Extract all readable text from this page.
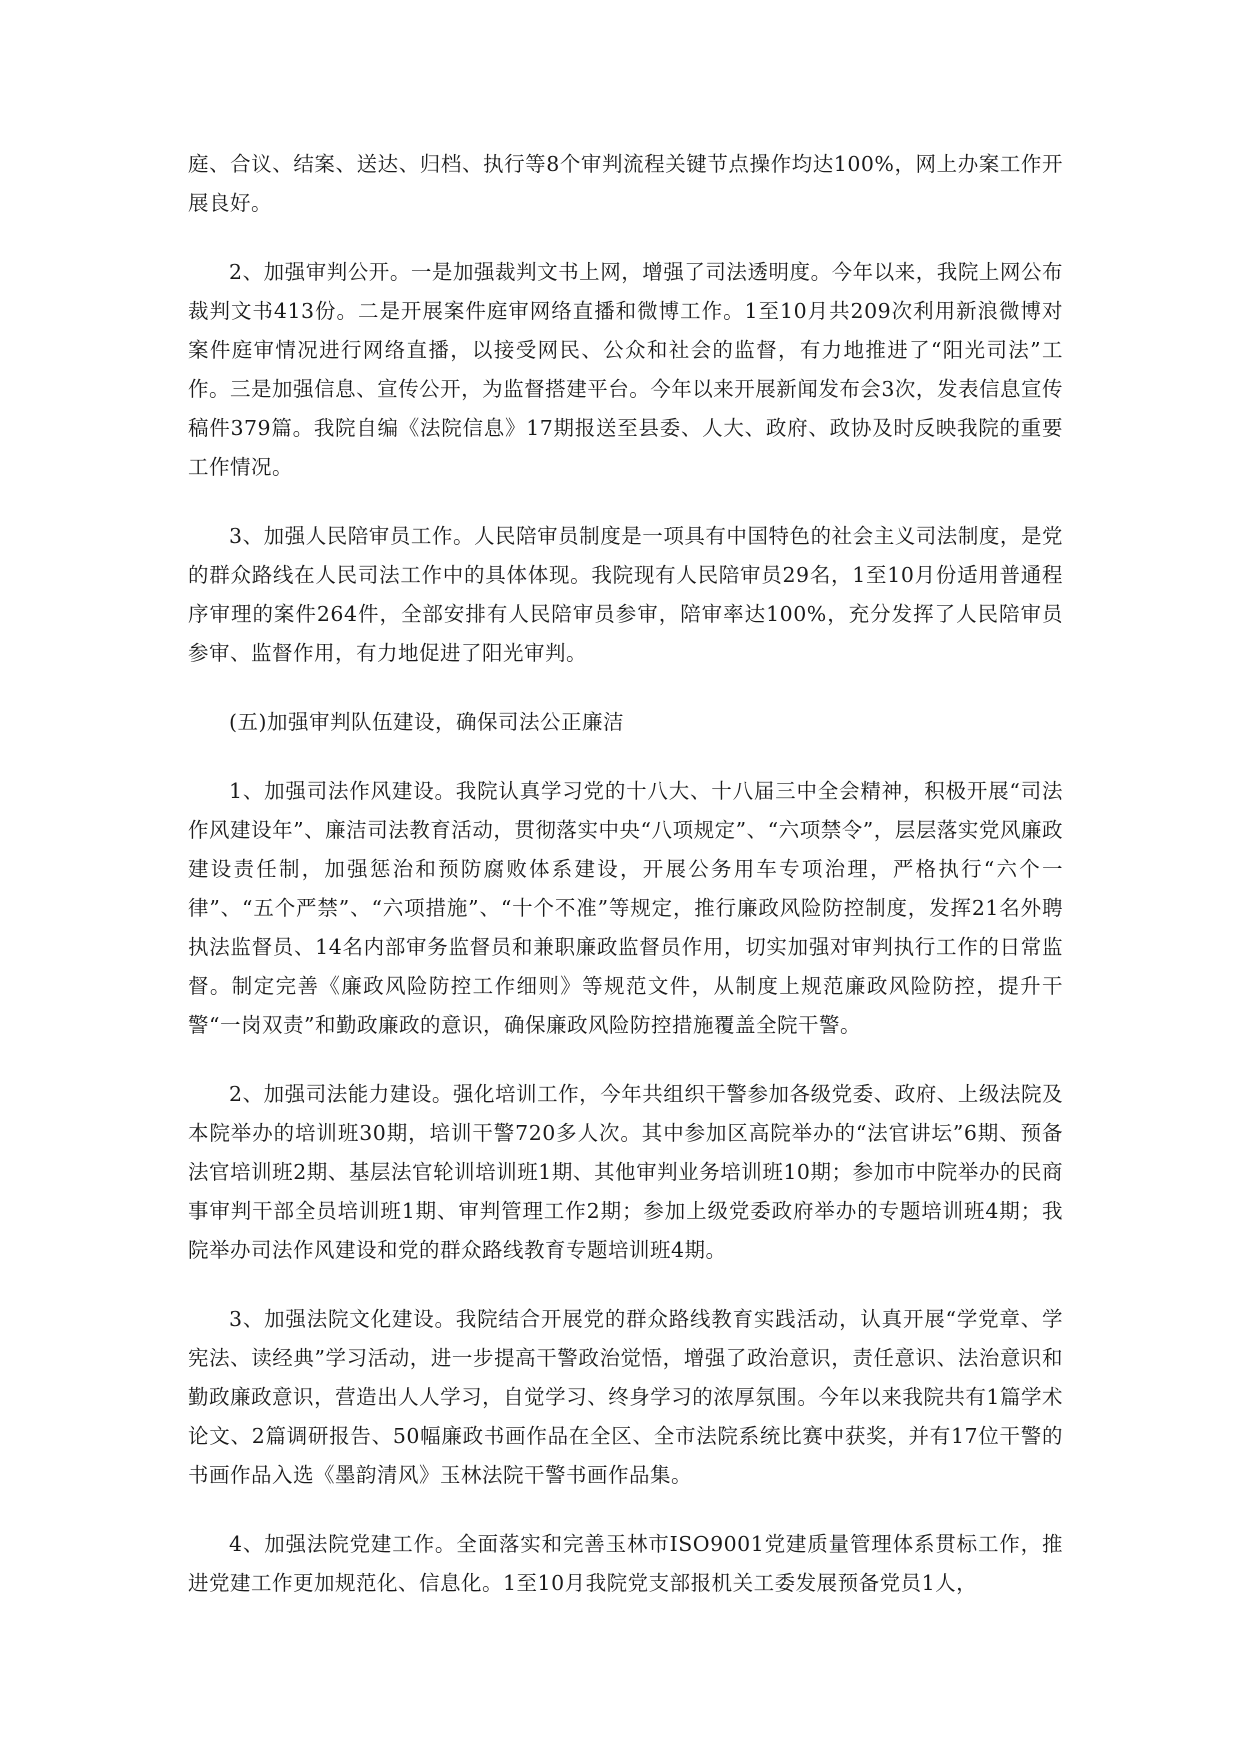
庭、合议、结案、送达、归档、执行等8个审判流程关键节点操作均达100%，网上办案工作开展良好。

2、加强审判公开。一是加强裁判文书上网，增强了司法透明度。今年以来，我院上网公布裁判文书413份。二是开展案件庭审网络直播和微博工作。1至10月共209次利用新浪微博对案件庭审情况进行网络直播，以接受网民、公众和社会的监督，有力地推进了“阳光司法”工作。三是加强信息、宣传公开，为监督搭建平台。今年以来开展新闻发布会3次，发表信息宣传稿件379篇。我院自编《法院信息》17期报送至县委、人大、政府、政协及时反映我院的重要工作情况。

3、加强人民陪审员工作。人民陪审员制度是一项具有中国特色的社会主义司法制度，是党的群众路线在人民司法工作中的具体体现。我院现有人民陪审员29名，1至10月份适用普通程序审理的案件264件，全部安排有人民陪审员参审，陪审率达100%，充分发挥了人民陪审员参审、监督作用，有力地促进了阳光审判。

(五)加强审判队伍建设，确保司法公正廉洁

1、加强司法作风建设。我院认真学习党的十八大、十八届三中全会精神，积极开展“司法作风建设年”、廉洁司法教育活动，贯彻落实中央“八项规定”、“六项禁令”，层层落实党风廉政建设责任制，加强惩治和预防腐败体系建设，开展公务用车专项治理，严格执行“六个一律”、“五个严禁”、“六项措施”、“十个不准”等规定，推行廉政风险防控制度，发挥21名外聘执法监督员、14名内部审务监督员和兼职廉政监督员作用，切实加强对审判执行工作的日常监督。制定完善《廉政风险防控工作细则》等规范文件，从制度上规范廉政风险防控，提升干警“一岗双责”和勤政廉政的意识，确保廉政风险防控措施覆盖全院干警。

2、加强司法能力建设。强化培训工作，今年共组织干警参加各级党委、政府、上级法院及本院举办的培训班30期，培训干警720多人次。其中参加区高院举办的“法官讲坛”6期、预备法官培训班2期、基层法官轮训培训班1期、其他审判业务培训班10期；参加市中院举办的民商事审判干部全员培训班1期、审判管理工作2期；参加上级党委政府举办的专题培训班4期；我院举办司法作风建设和党的群众路线教育专题培训班4期。

3、加强法院文化建设。我院结合开展党的群众路线教育实践活动，认真开展“学党章、学宪法、读经典”学习活动，进一步提高干警政治觉悟，增强了政治意识，责任意识、法治意识和勤政廉政意识，营造出人人学习，自觉学习、终身学习的浓厚氛围。今年以来我院共有1篇学术论文、2篇调研报告、50幅廉政书画作品在全区、全市法院系统比赛中获奖，并有17位干警的书画作品入选《墨韵清风》玉林法院干警书画作品集。

4、加强法院党建工作。全面落实和完善玉林市ISO9001党建质量管理体系贯标工作，推进党建工作更加规范化、信息化。1至10月我院党支部报机关工委发展预备党员1人，
